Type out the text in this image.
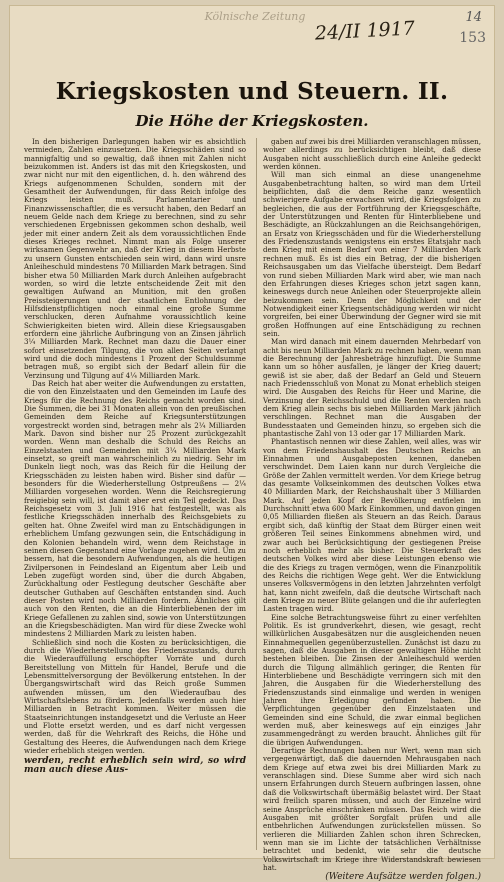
Kölnische Zeitung
24/II 1917	14
153
Kriegskosten und Steuern. II.
Die Höhe der Kriegskosten.

In den bisherigen Darlegungen haben wir es absichtlich vermieden, Zahlen einzusetzen. Die Kriegsschäden sind so mannigfaltig und so gewaltig, daß ihnen mit Zahlen nicht beizukommen ist. Anders ist das mit den Kriegskosten, und zwar nicht nur mit den eigentlichen, d. h. den während des Kriegs aufgenommenen Schulden, sondern mit der Gesamtheit der Aufwendungen, für dass Reich infolge des Kriegs leisten muß. Parlamentarier und Finanzwissenschaftler, die es versucht haben, den Bedarf an neuem Gelde nach dem Kriege zu berechnen, sind zu sehr verschiedenen Ergebnissen gekommen schon deshalb, weil jeder mit einer andern Zeit als dem voraussichtlichen Ende dieses Krieges rechnet. Nimmt man als Folge unserer wirksamen Gegenwehr an, daß der Krieg in diesem Herbste zu unsern Gunsten entschieden sein wird, dann wird unsre Anleiheschuld mindestens 70 Milliarden Mark betragen. Sind bisher etwa 50 Milliarden Mark durch Anleihen aufgebracht worden, so wird die letzte entscheidende Zeit mit den gewaltigen Aufwand an Munition, mit den großen Preissteigerungen und der staatlichen Entlohnung der Hilfsdienstpflichtigen noch einmal eine große Summe verschlucken, deren Aufnahme voraussichtlich keine Schwierigkeiten bieten wird. Allein diese Kriegsausgaben erfordern eine jährliche Aufbringung von an Zinsen jährlich 3¼ Milliarden Mark. Rechnet man dazu die Dauer einer sofort einsetzenden Tilgung, die von allen Seiten verlangt wird und die doch mindestens 1 Prozent der Schuldsumme betragen muß, so ergibt sich der Bedarf allein für die Verzinsung und Tilgung auf 4¼ Milliarden Mark.

Das Reich hat aber weiter die Aufwendungen zu erstatten, die von den Einzelstaaten und den Gemeinden im Laufe des Kriegs für die Rechnung des Reichs gemacht worden sind. Die Summen, die bei 31 Monaten allein von den preußischen Gemeinden dem Reiche auf Kriegsunterstützungen vorgestreckt worden sind, betragen mehr als 2¼ Milliarden Mark. Davon sind bisher nur 25 Prozent zurückgezahlt worden. Wenn man deshalb die Schuld des Reichs an Einzelstaaten und Gemeinden mit 3¼ Milliarden Mark einsetzt, so greift man wahrscheinlich zu niedrig. Sehr im Dunkeln liegt noch, was das Reich für die Heilung der Kriegsschäden zu leisten haben wird. Bisher sind dafür — besonders für die Wiederherstellung Ostpreußens — 2¼ Milliarden vorgesehen worden. Wenn die Reichsregierung freigiebig sein will, ist damit aber erst ein Teil gedeckt. Das Reichsgesetz vom 3. Juli 1916 hat festgestellt, was als festliche Kriegsschäden innerhalb des Reichsgebiets zu gelten hat. Ohne Zweifel wird man zu Entschädigungen in erheblichem Umfang gezwungen sein, die Entschädigung in den Kolonien behandeln wird, wenn dem Reichstage in seinen diesen Gegenstand eine Vorlage zugehen wird. Um zu bessern, hat die besondern Aufwendungen, als die heutigen Zivilpersonen in Feindesland an Eigentum aber Leib und Leben zugefügt worden sind, über die durch Abgaben, Zurückhaltung oder Festlegung deutscher Geschäfte aber deutscher Guthaben auf Geschäften entstanden sind. Auch dieser Posten wird noch Milliarden fordern. Ähnliches gilt auch von den Renten, die an die Hinterbliebenen der im Kriege Gefallenen zu zahlen sind, sowie von Unterstützungen an die Kriegsbeschädigten. Man wird für diese Zwecke wohl mindestens 2 Milliarden Mark zu leisten haben.

Schließlich sind noch die Kosten zu berücksichtigen, die durch die Wiederherstellung des Friedenszustands, durch die Wiederauffüllung erschöpfter Vorräte und durch Bereitstellung von Mitteln für Handel, Berufe und die Lebensmittelversorgung der Bevölkerung entstehen. In der Übergangswirtschaft wird das Reich große Summen aufwenden müssen, um den Wiederaufbau des Wirtschaftslebens zu fördern. Jedenfalls werden auch hier Milliarden in Betracht kommen. Weiter müssen die Staatseinrichtungen instandgesetzt und die Verluste an Heer und Flotte ersetzt werden, und es darf nicht vergessen werden, daß für die Wehrkraft des Reichs, die Höhe und Gestaltung des Heeres, die Aufwendungen nach dem Kriege wieder erheblich steigen werden.

werden, recht erheblich sein wird, so wird man auch diese Aus-

gaben auf zwei bis drei Milliarden veranschlagen müssen, woher allerdings zu berücksichtigen bleibt, daß diese Ausgaben nicht ausschließlich durch eine Anleihe gedeckt werden können.

Will man sich einmal an diese unangenehme Ausgabenbetrachtung halten, so wird man dem Urteil beipflichten, daß die dem Reiche ganz wesentlich schwierigere Aufgabe erwachsen wird, die Kriegsfolgen zu begleichen, die aus der Fortführung der Kriegsgeschäfte, der Unterstützungen und Renten für Hinterbliebene und Beschädigte, an Rückzahlungen an die Reichsangehörigen, an Ersatz von Kriegsschäden und für die Wiederherstellung des Friedenszustands wenigstens ein erstes Etatsjahr nach dem Krieg mit einem Bedarf von einer 7 Milliarden Mark rechnen muß. Es ist dies ein Betrag, der die bisherigen Reichsausgaben um das Vielfache übersteigt. Dem Bedarf von rund sieben Milliarden Mark wird aber, wie man nach den Erfahrungen dieses Krieges schon jetzt sagen kann, keineswegs durch neue Anleihen oder Steuerprojekte allein beizukommen sein. Denn der Möglichkeit und der Notwendigkeit einer Kriegsentschädigung werden wir nicht vorgreifen, bei einer Überwindung der Gegner wird sie mit großen Hoffnungen auf eine Entschädigung zu rechnen sein.

Man wird danach mit einem dauernden Mehrbedarf von acht bis neun Milliarden Mark zu rechnen haben, wenn man die Berechnung der Jahresbeträge hinzufügt. Die Summe kann um so höher ausfallen, je länger der Krieg dauert; gewiß ist sie aber, daß der Bedarf an Geld und Steuern nach Friedensschluß von Monat zu Monat erheblich steigen wird. Die Ausgaben des Reichs für Heer und Marine, die Verzinsung der Reichsschuld und die Renten werden nach dem Krieg allein sechs bis sieben Milliarden Mark jährlich verschlingen. Rechnet man die Ausgaben der Bundesstaaten und Gemeinden hinzu, so ergeben sich die phantastische Zahl von 13 oder gar 17 Milliarden Mark.

Phantastisch nennen wir diese Zahlen, weil alles, was wir von dem Friedenshaushalt des Deutschen Reichs an Einnahmen und Ausgabeposten kennen, daneben verschwindet. Dem Laien kann nur durch Vergleiche die Größe der Zahlen vermittelt werden. Vor dem Kriege betrug das gesamte Volkseinkommen des deutschen Volkes etwa 40 Milliarden Mark, der Reichshaushalt über 3 Milliarden Mark. Auf jeden Kopf der Bevölkerung entfielen im Durchschnitt etwa 600 Mark Einkommen, und davon gingen 0,05 Milliarden fließen als Steuern an das Reich. Daraus ergibt sich, daß künftig der Staat dem Bürger einen weit größeren Teil seines Einkommens abnehmen wird, und zwar auch bei Berücksichtigung der gestiegenen Preise noch erheblich mehr als bisher. Die Steuerkraft des deutschen Volkes wird aber diese Leistungen ebenso wie die des Kriegs zu tragen vermögen, wenn die Finanzpolitik des Reichs die richtigen Wege geht. Wer die Entwicklung unseres Volksvermögens in den letzten Jahrzehnten verfolgt hat, kann nicht zweifeln, daß die deutsche Wirtschaft nach dem Kriege zu neuer Blüte gelangen und die ihr auferlegten Lasten tragen wird.

Eine solche Betrachtungsweise führt zu einer verfehlten Politik. Es ist grundverkehrt, diesen, wie gesagt, recht willkürlichen Ausgabesätzen nur die ausgleichenden neuen Einnahmequellen gegenüberzustellen. Zunächst ist dazu zu sagen, daß die Ausgaben in dieser gewaltigen Höhe nicht bestehen bleiben. Die Zinsen der Anleiheschuld werden durch die Tilgung allmählich geringer, die Renten für Hinterbliebene und Beschädigte verringern sich mit den Jahren, die Ausgaben für die Wiederherstellung des Friedenszustands sind einmalige und werden in wenigen Jahren ihre Erledigung gefunden haben. Die Verpflichtungen gegenüber den Einzelstaaten und Gemeinden sind eine Schuld, die zwar einmal beglichen werden muß, aber keineswegs auf ein einziges Jahr zusammengedrängt zu werden braucht. Ähnliches gilt für die übrigen Aufwendungen.

Derartige Rechnungen haben nur Wert, wenn man sich vergegenwärtigt, daß die dauernden Mehrausgaben nach dem Kriege auf etwa zwei bis drei Milliarden Mark zu veranschlagen sind. Diese Summe aber wird sich nach unsern Erfahrungen durch Steuern aufbringen lassen, ohne daß die Volkswirtschaft übermäßig belastet wird. Der Staat wird freilich sparen müssen, und auch der Einzelne wird seine Ansprüche einschränken müssen. Das Reich wird die Ausgaben mit größter Sorgfalt prüfen und alle entbehrlichen Aufwendungen zurückstellen müssen. So verlieren die Milliarden Zahlen schon ihren Schrecken, wenn man sie im Lichte der tatsächlichen Verhältnisse betrachtet und bedenkt, wie sehr die deutsche Volkswirtschaft im Kriege ihre Widerstandskraft bewiesen hat.

(Weitere Aufsätze werden folgen.)
